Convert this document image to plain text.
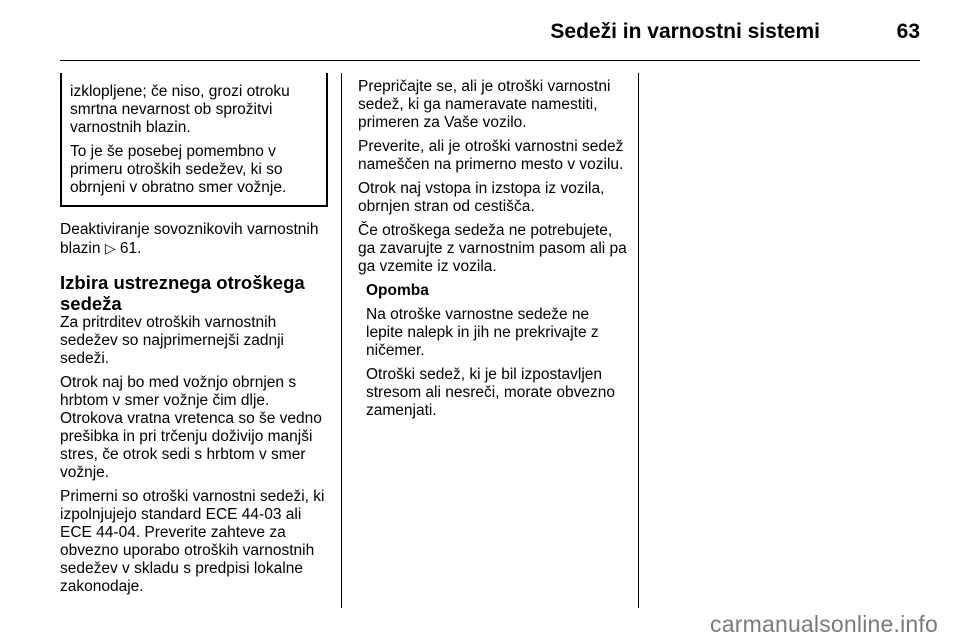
Sedeži in varnostni sistemi	63

izklopljene; če niso, grozi otroku smrtna nevarnost ob sprožitvi varnostnih blazin.

To je še posebej pomembno v primeru otroških sedežev, ki so obrnjeni v obratno smer vožnje.

Deaktiviranje sovoznikovih varnostnih blazin ▷ 61.

Izbira ustreznega otroškega sedeža

Za pritrditev otroških varnostnih sedežev so najprimernejši zadnji sedeži.

Otrok naj bo med vožnjo obrnjen s hrbtom v smer vožnje čim dlje. Otrokova vratna vretenca so še vedno prešibka in pri trčenju doživijo manjši stres, če otrok sedi s hrbtom v smer vožnje.

Primerni so otroški varnostni sedeži, ki izpolnjujejo standard ECE 44-03 ali ECE 44-04. Preverite zahteve za obvezno uporabo otroških varnostnih sedežev v skladu s predpisi lokalne zakonodaje.

Prepričajte se, ali je otroški varnostni sedež, ki ga nameravate namestiti, primeren za Vaše vozilo.

Preverite, ali je otroški varnostni sedež nameščen na primerno mesto v vozilu.

Otrok naj vstopa in izstopa iz vozila, obrnjen stran od cestišča.

Če otroškega sedeža ne potrebujete, ga zavarujte z varnostnim pasom ali pa ga vzemite iz vozila.

Opomba

Na otroške varnostne sedeže ne lepite nalepk in jih ne prekrivajte z ničemer.

Otroški sedež, ki je bil izpostavljen stresom ali nesreči, morate obvezno zamenjati.

carmanualsonline.info
